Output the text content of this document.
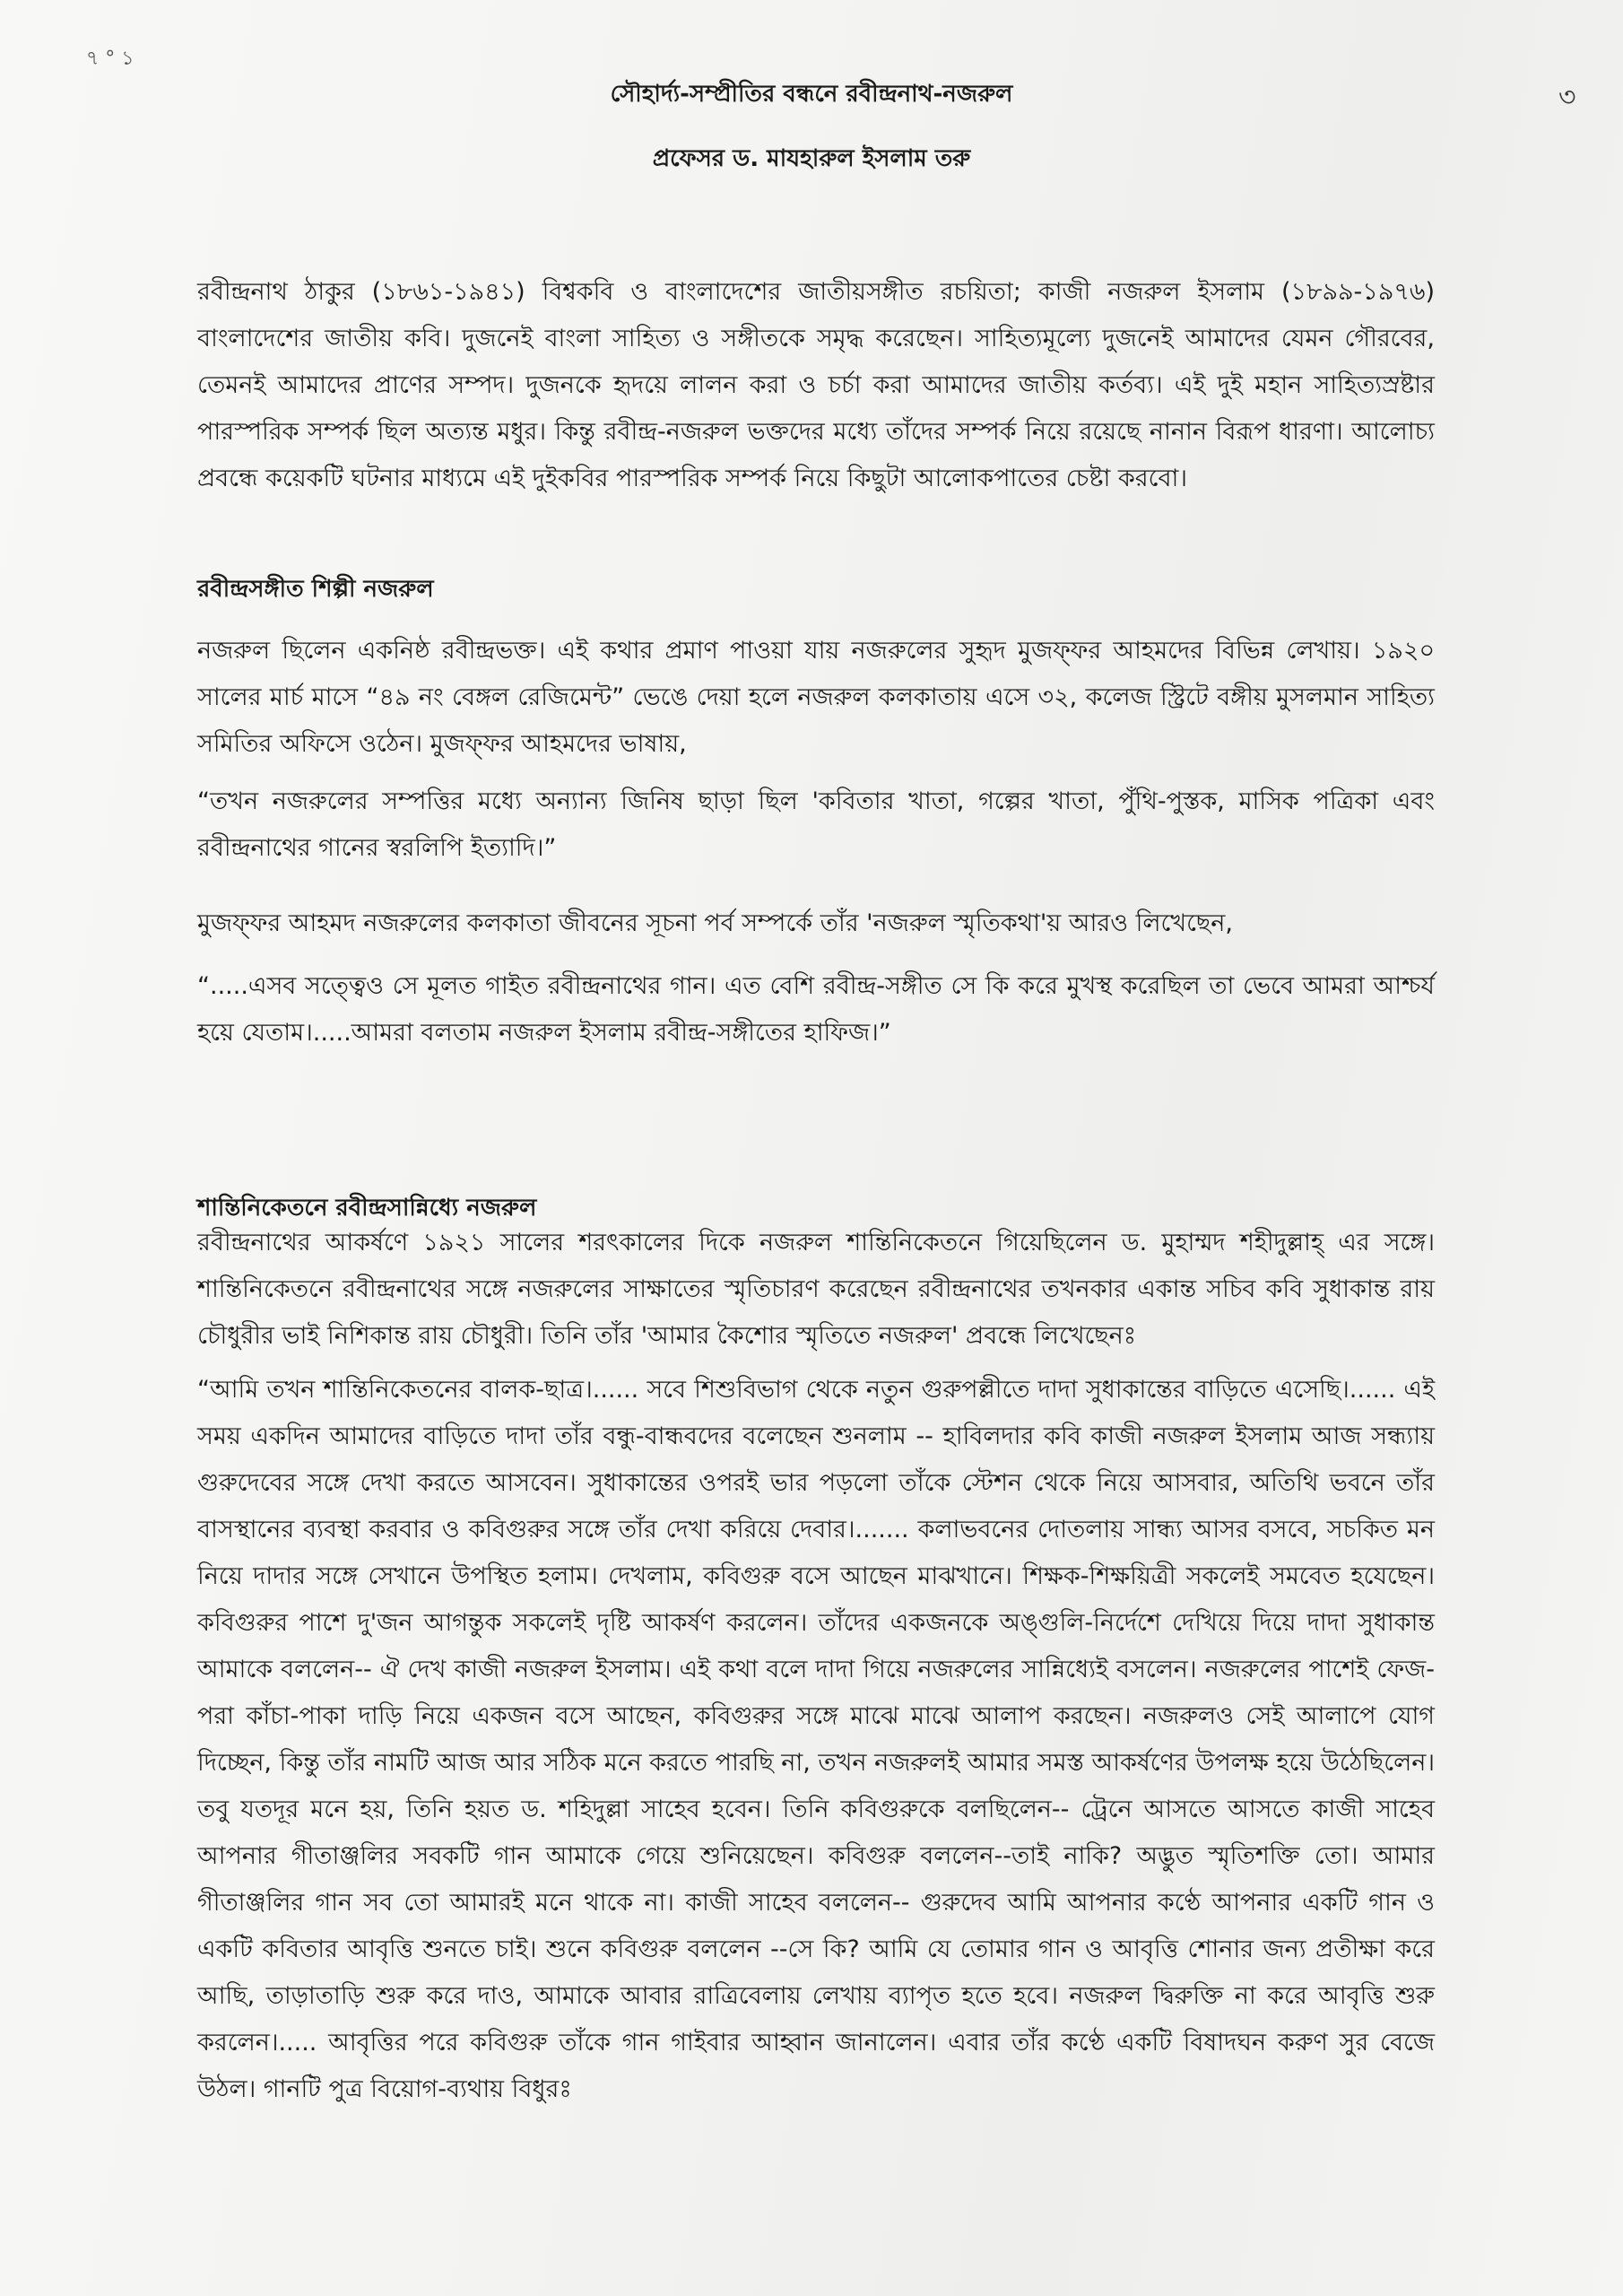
৭ ° ১
৩
সৌহার্দ্য-সম্প্রীতির বন্ধনে রবীন্দ্রনাথ-নজরুল
প্রফেসর ড. মাযহারুল ইসলাম তরু

রবীন্দ্রনাথ ঠাকুর (১৮৬১-১৯৪১) বিশ্বকবি ও বাংলাদেশের জাতীয়সঙ্গীত রচয়িতা; কাজী নজরুল ইসলাম (১৮৯৯-১৯৭৬) বাংলাদেশের জাতীয় কবি। দুজনেই বাংলা সাহিত্য ও সঙ্গীতকে সমৃদ্ধ করেছেন। সাহিত্যমূল্যে দুজনেই আমাদের যেমন গৌরবের, তেমনই আমাদের প্রাণের সম্পদ। দুজনকে হৃদয়ে লালন করা ও চর্চা করা আমাদের জাতীয় কর্তব্য। এই দুই মহান সাহিত্যস্রষ্টার পারস্পরিক সম্পর্ক ছিল অত্যন্ত মধুর। কিন্তু রবীন্দ্র-নজরুল ভক্তদের মধ্যে তাঁদের সম্পর্ক নিয়ে রয়েছে নানান বিরূপ ধারণা। আলোচ্য প্রবন্ধে কয়েকটি ঘটনার মাধ্যমে এই দুইকবির পারস্পরিক সম্পর্ক নিয়ে কিছুটা আলোকপাতের চেষ্টা করবো।

রবীন্দ্রসঙ্গীত শিল্পী নজরুল

নজরুল ছিলেন একনিষ্ঠ রবীন্দ্রভক্ত। এই কথার প্রমাণ পাওয়া যায় নজরুলের সুহৃদ মুজফ্ফর আহমদের বিভিন্ন লেখায়। ১৯২০ সালের মার্চ মাসে “৪৯ নং বেঙ্গল রেজিমেন্ট” ভেঙে দেয়া হলে নজরুল কলকাতায় এসে ৩২, কলেজ স্ট্রিটে বঙ্গীয় মুসলমান সাহিত্য সমিতির অফিসে ওঠেন। মুজফ্ফর আহমদের ভাষায়,

“তখন নজরুলের সম্পত্তির মধ্যে অন্যান্য জিনিষ ছাড়া ছিল 'কবিতার খাতা, গল্পের খাতা, পুঁথি-পুস্তক, মাসিক পত্রিকা এবং রবীন্দ্রনাথের গানের স্বরলিপি ইত্যাদি।”

মুজফ্ফর আহমদ নজরুলের কলকাতা জীবনের সূচনা পর্ব সম্পর্কে তাঁর 'নজরুল স্মৃতিকথা'য় আরও লিখেছেন,

“.....এসব সত্ত্বেও সে মূলত গাইত রবীন্দ্রনাথের গান। এত বেশি রবীন্দ্র-সঙ্গীত সে কি করে মুখস্থ করেছিল তা ভেবে আমরা আশ্চর্য হয়ে যেতাম।.....আমরা বলতাম নজরুল ইসলাম রবীন্দ্র-সঙ্গীতের হাফিজ।”

শান্তিনিকেতনে রবীন্দ্রসান্নিধ্যে নজরুল

রবীন্দ্রনাথের আকর্ষণে ১৯২১ সালের শরৎকালের দিকে নজরুল শান্তিনিকেতনে গিয়েছিলেন ড. মুহাম্মদ শহীদুল্লাহ্ এর সঙ্গে। শান্তিনিকেতনে রবীন্দ্রনাথের সঙ্গে নজরুলের সাক্ষাতের স্মৃতিচারণ করেছেন রবীন্দ্রনাথের তখনকার একান্ত সচিব কবি সুধাকান্ত রায় চৌধুরীর ভাই নিশিকান্ত রায় চৌধুরী। তিনি তাঁর 'আমার কৈশোর স্মৃতিতে নজরুল' প্রবন্ধে লিখেছেনঃ

“আমি তখন শান্তিনিকেতনের বালক-ছাত্র।...... সবে শিশুবিভাগ থেকে নতুন গুরুপল্লীতে দাদা সুধাকান্তের বাড়িতে এসেছি।...... এই সময় একদিন আমাদের বাড়িতে দাদা তাঁর বন্ধু-বান্ধবদের বলেছেন শুনলাম -- হাবিলদার কবি কাজী নজরুল ইসলাম আজ সন্ধ্যায় গুরুদেবের সঙ্গে দেখা করতে আসবেন। সুধাকান্তের ওপরই ভার পড়লো তাঁকে স্টেশন থেকে নিয়ে আসবার, অতিথি ভবনে তাঁর বাসস্থানের ব্যবস্থা করবার ও কবিগুরুর সঙ্গে তাঁর দেখা করিয়ে দেবার।....... কলাভবনের দোতলায় সান্ধ্য আসর বসবে, সচকিত মন নিয়ে দাদার সঙ্গে সেখানে উপস্থিত হলাম। দেখলাম, কবিগুরু বসে আছেন মাঝখানে। শিক্ষক-শিক্ষয়িত্রী সকলেই সমবেত হযেছেন। কবিগুরুর পাশে দু'জন আগন্তুক সকলেই দৃষ্টি আকর্ষণ করলেন। তাঁদের একজনকে অঙ্গুলি-নির্দেশে দেখিয়ে দিয়ে দাদা সুধাকান্ত আমাকে বললেন-- ঐ দেখ কাজী নজরুল ইসলাম। এই কথা বলে দাদা গিয়ে নজরুলের সান্নিধ্যেই বসলেন। নজরুলের পাশেই ফেজ-পরা কাঁচা-পাকা দাড়ি নিয়ে একজন বসে আছেন, কবিগুরুর সঙ্গে মাঝে মাঝে আলাপ করছেন। নজরুলও সেই আলাপে যোগ দিচ্ছেন, কিন্তু তাঁর নামটি আজ আর সঠিক মনে করতে পারছি না, তখন নজরুলই আমার সমস্ত আকর্ষণের উপলক্ষ হয়ে উঠেছিলেন। তবু যতদূর মনে হয়, তিনি হয়ত ড. শহিদুল্লা সাহেব হবেন। তিনি কবিগুরুকে বলছিলেন-- ট্রেনে আসতে আসতে কাজী সাহেব আপনার গীতাঞ্জলির সবকটি গান আমাকে গেয়ে শুনিয়েছেন। কবিগুরু বললেন--তাই নাকি? অদ্ভুত স্মৃতিশক্তি তো। আমার গীতাঞ্জলির গান সব তো আমারই মনে থাকে না। কাজী সাহেব বললেন-- গুরুদেব আমি আপনার কণ্ঠে আপনার একটি গান ও একটি কবিতার আবৃত্তি শুনতে চাই। শুনে কবিগুরু বললেন --সে কি? আমি যে তোমার গান ও আবৃত্তি শোনার জন্য প্রতীক্ষা করে আছি, তাড়াতাড়ি শুরু করে দাও, আমাকে আবার রাত্রিবেলায় লেখায় ব্যাপৃত হতে হবে। নজরুল দ্বিরুক্তি না করে আবৃত্তি শুরু করলেন।..... আবৃত্তির পরে কবিগুরু তাঁকে গান গাইবার আহ্বান জানালেন। এবার তাঁর কণ্ঠে একটি বিষাদঘন করুণ সুর বেজে উঠল। গানটি পুত্র বিয়োগ-ব্যথায় বিধুরঃ
